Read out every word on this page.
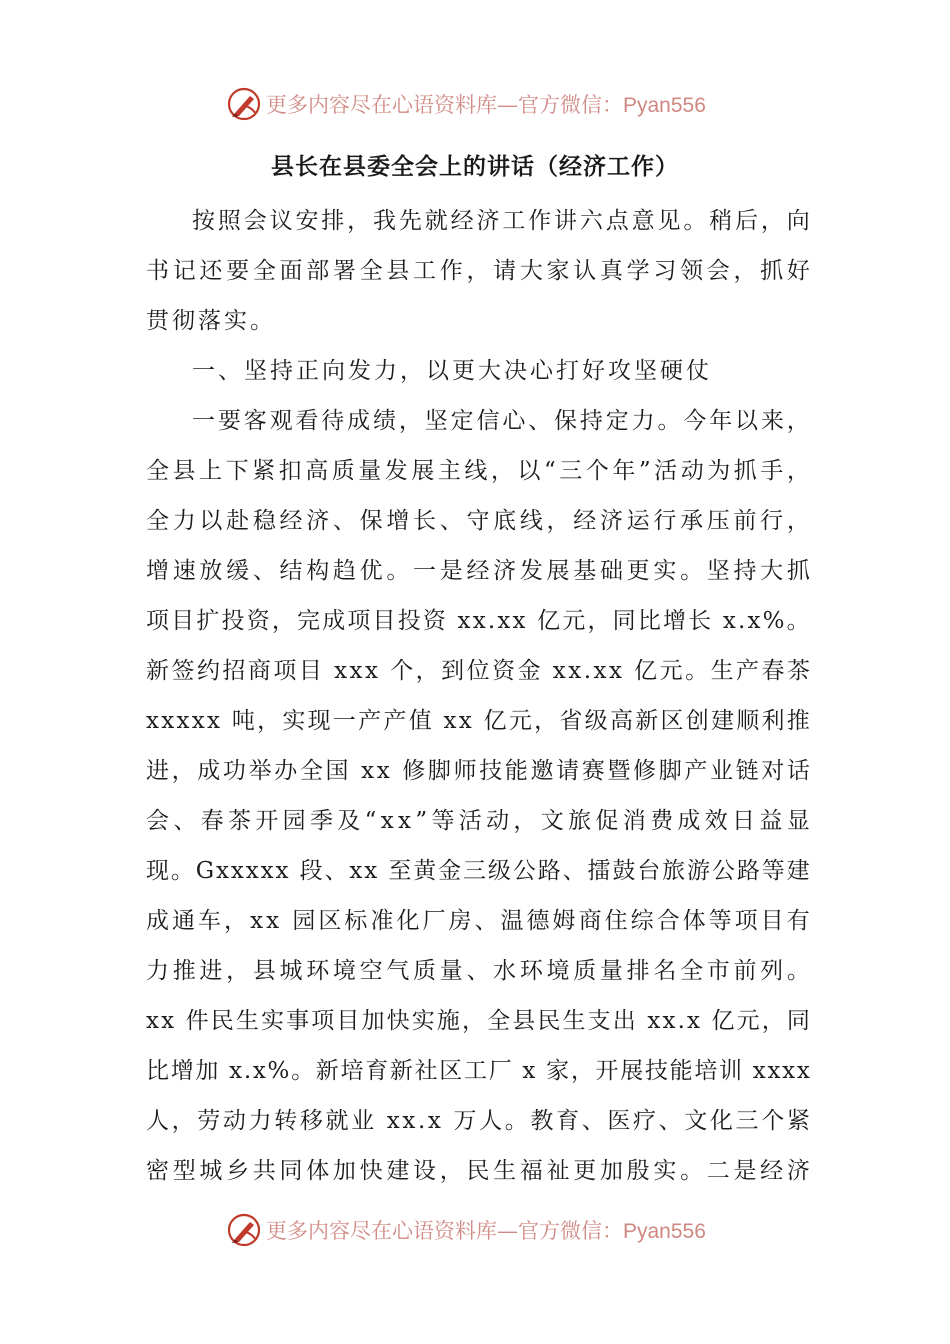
更多内容尽在心语资料库—官方微信：Pyan556
县长在县委全会上的讲话（经济工作）
按 照 会 议 安 排 ， 我 先 就 经 济 工 作 讲 六 点 意 见 。 稍 后 ， 向
书 记 还 要 全 面 部 署 全 县 工 作 ， 请 大 家 认 真 学 习 领 会 ， 抓 好
贯彻落实。
一、坚持正向发力，以更大决心打好攻坚硬仗
一 要 客 观 看 待 成 绩 ， 坚 定 信 心 、 保 持 定 力 。 今 年 以 来 ，
全 县 上 下 紧 扣 高 质 量 发 展 主 线 ， 以 “ 三 个 年 ” 活 动 为 抓 手 ，
全 力 以 赴 稳 经 济 、 保 增 长 、 守 底 线 ， 经 济 运 行 承 压 前 行 ，
增 速 放 缓 、 结 构 趋 优 。 一 是 经 济 发 展 基 础 更 实 。 坚 持 大 抓
项 目 扩 投 资 ， 完 成 项 目 投 资
x x . x x
亿 元 ， 同 比 增 长
x . x % 。
新 签 约 招 商 项 目
x x x
个 ， 到 位 资 金
x x . x x
亿 元 。 生 产 春 茶
x x x x x
吨 ， 实 现 一 产 产 值
x x
亿 元 ， 省 级 高 新 区 创 建 顺 利 推
进 ， 成 功 举 办 全 国
x x
修 脚 师 技 能 邀 请 赛 暨 修 脚 产 业 链 对 话
会 、 春 茶 开 园 季 及 “ x x ” 等 活 动 ， 文 旅 促 消 费 成 效 日 益 显
现 。 G x x x x x
段 、 x x
至 黄 金 三 级 公 路 、 擂 鼓 台 旅 游 公 路 等 建
成 通 车 ， x x
园 区 标 准 化 厂 房 、 温 德 姆 商 住 综 合 体 等 项 目 有
力 推 进 ， 县 城 环 境 空 气 质 量 、 水 环 境 质 量 排 名 全 市 前 列 。
x x
件 民 生 实 事 项 目 加 快 实 施 ， 全 县 民 生 支 出
x x . x
亿 元 ， 同
比 增 加
x . x % 。 新 培 育 新 社 区 工 厂
x
家 ， 开 展 技 能 培 训
x x x x
人 ， 劳 动 力 转 移 就 业
x x . x
万 人 。 教 育 、 医 疗 、 文 化 三 个 紧
密 型 城 乡 共 同 体 加 快 建 设 ， 民 生 福 祉 更 加 殷 实 。 二 是 经 济
更多内容尽在心语资料库—官方微信：Pyan556
